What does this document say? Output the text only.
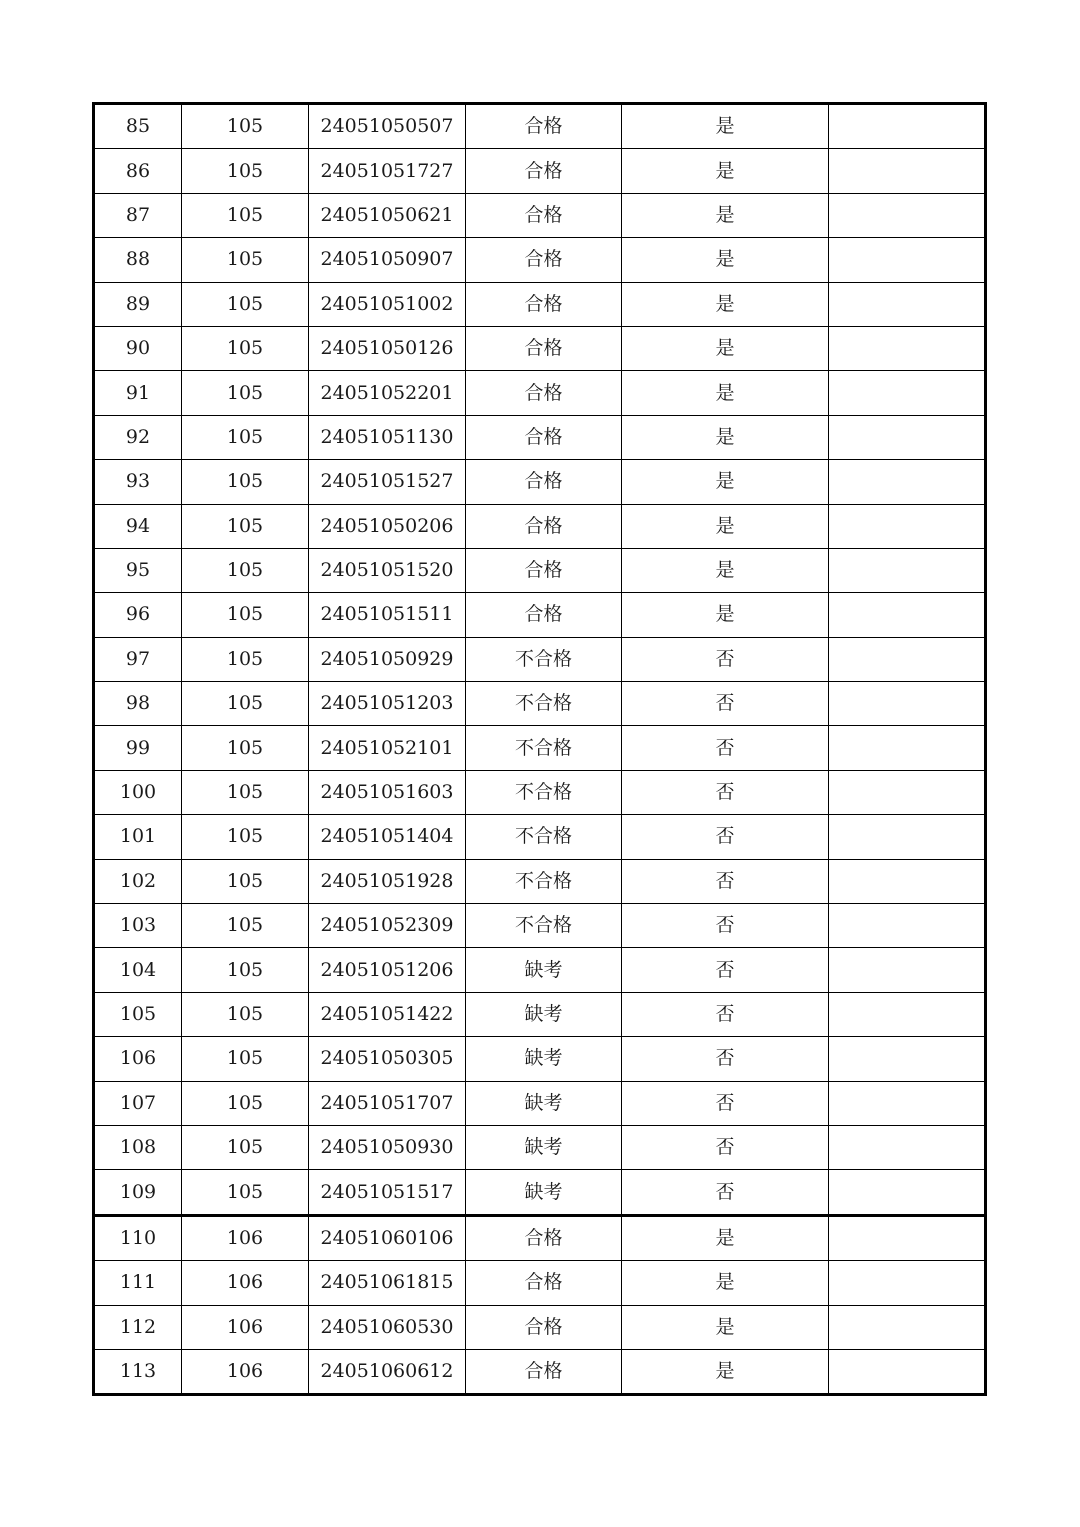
85	105	24051050507	合格	是	
86	105	24051051727	合格	是	
87	105	24051050621	合格	是	
88	105	24051050907	合格	是	
89	105	24051051002	合格	是	
90	105	24051050126	合格	是	
91	105	24051052201	合格	是	
92	105	24051051130	合格	是	
93	105	24051051527	合格	是	
94	105	24051050206	合格	是	
95	105	24051051520	合格	是	
96	105	24051051511	合格	是	
97	105	24051050929	不合格	否	
98	105	24051051203	不合格	否	
99	105	24051052101	不合格	否	
100	105	24051051603	不合格	否	
101	105	24051051404	不合格	否	
102	105	24051051928	不合格	否	
103	105	24051052309	不合格	否	
104	105	24051051206	缺考	否	
105	105	24051051422	缺考	否	
106	105	24051050305	缺考	否	
107	105	24051051707	缺考	否	
108	105	24051050930	缺考	否	
109	105	24051051517	缺考	否	
110	106	24051060106	合格	是	
111	106	24051061815	合格	是	
112	106	24051060530	合格	是	
113	106	24051060612	合格	是	
